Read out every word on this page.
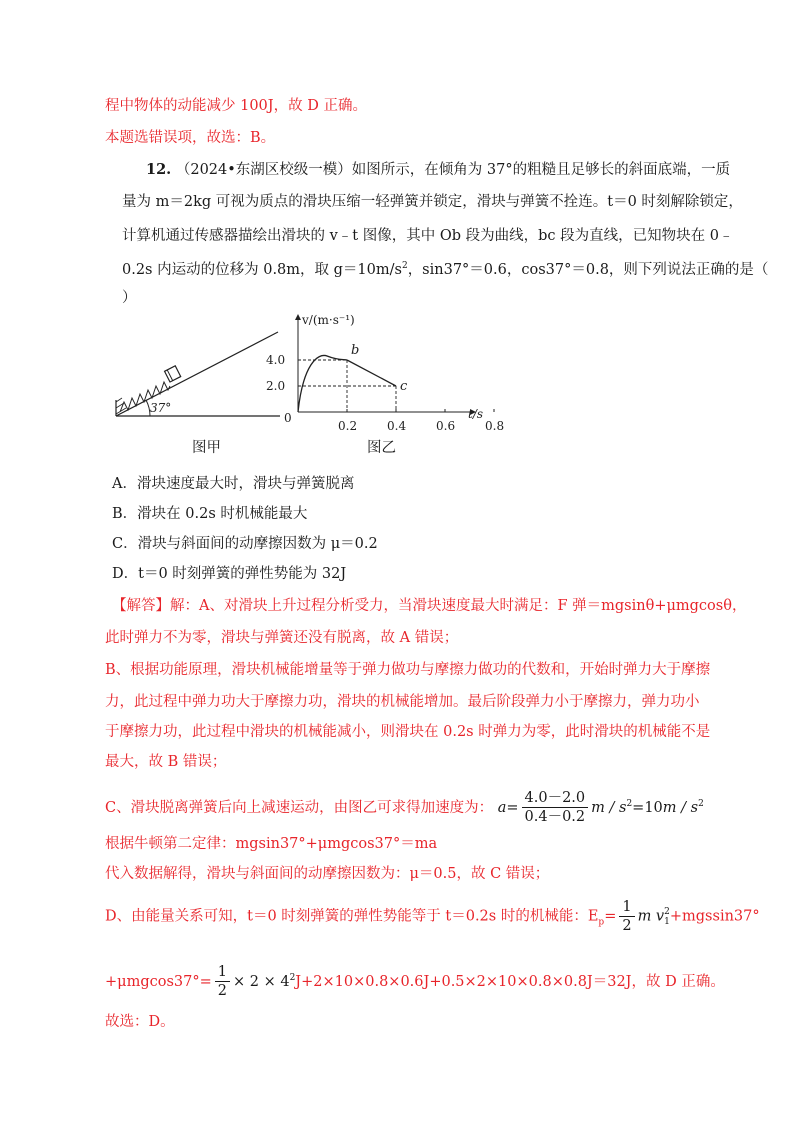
程中物体的动能减少 100J，故 D 正确。
本题选错误项，故选：B。
12. （2024•东湖区校级一模）如图所示，在倾角为 37°的粗糙且足够长的斜面底端，一质
量为 m＝2kg 可视为质点的滑块压缩一轻弹簧并锁定，滑块与弹簧不拴连。t＝0 时刻解除锁定，
计算机通过传感器描绘出滑块的 v﹣t 图像，其中 Ob 段为曲线，bc 段为直线，已知物块在 0﹣
0.2s 内运动的位移为 0.8m，取 $g=10m/s^2$，sin37°＝0.6，cos37°＝0.8，则下列说法正确的是（
）
37°
图甲
v/(m·s⁻¹)
t/s
0
0.2 0.4 0.6 0.8
2.0
4.0
b
c
图乙
A．滑块速度最大时，滑块与弹簧脱离
B．滑块在 0.2s 时机械能最大
C．滑块与斜面间的动摩擦因数为 μ＝0.2
D．t＝0 时刻弹簧的弹性势能为 32J
【解答】解：A、对滑块上升过程分析受力，当滑块速度最大时满足：F 弹＝mgsinθ+μmgcosθ，
此时弹力不为零，滑块与弹簧还没有脱离，故 A 错误；
B、根据功能原理，滑块机械能增量等于弹力做功与摩擦力做功的代数和，开始时弹力大于摩擦
力，此过程中弹力功大于摩擦力功，滑块的机械能增加。最后阶段弹力小于摩擦力，弹力功小
于摩擦力功，此过程中滑块的机械能减小，则滑块在 0.2s 时弹力为零，此时滑块的机械能不是
最大，故 B 错误；
C、滑块脱离弹簧后向上减速运动，由图乙可求得加速度为： $a= \frac{4.0-2.0}{0.4-0.2}$ $m / s^2=10m / s^2$
根据牛顿第二定律：mgsin37°+μmgcos37°＝ma
代入数据解得，滑块与斜面间的动摩擦因数为：μ＝0.5，故 C 错误；
D、由能量关系可知，t＝0 时刻弹簧的弹性势能等于 t＝0.2s 时的机械能：$E_p= \frac{1}{2}$ m v 2
1 +mgssin37°
$+\mu mgcos37^\circ= \frac{1}{2} \times 2 \times 4^2J+2\times 10\times 0.8\times 0.6J+0.5\times 2\times 10\times 0.8\times 0.8J=32J$，故 D 正确。
故选：D。
